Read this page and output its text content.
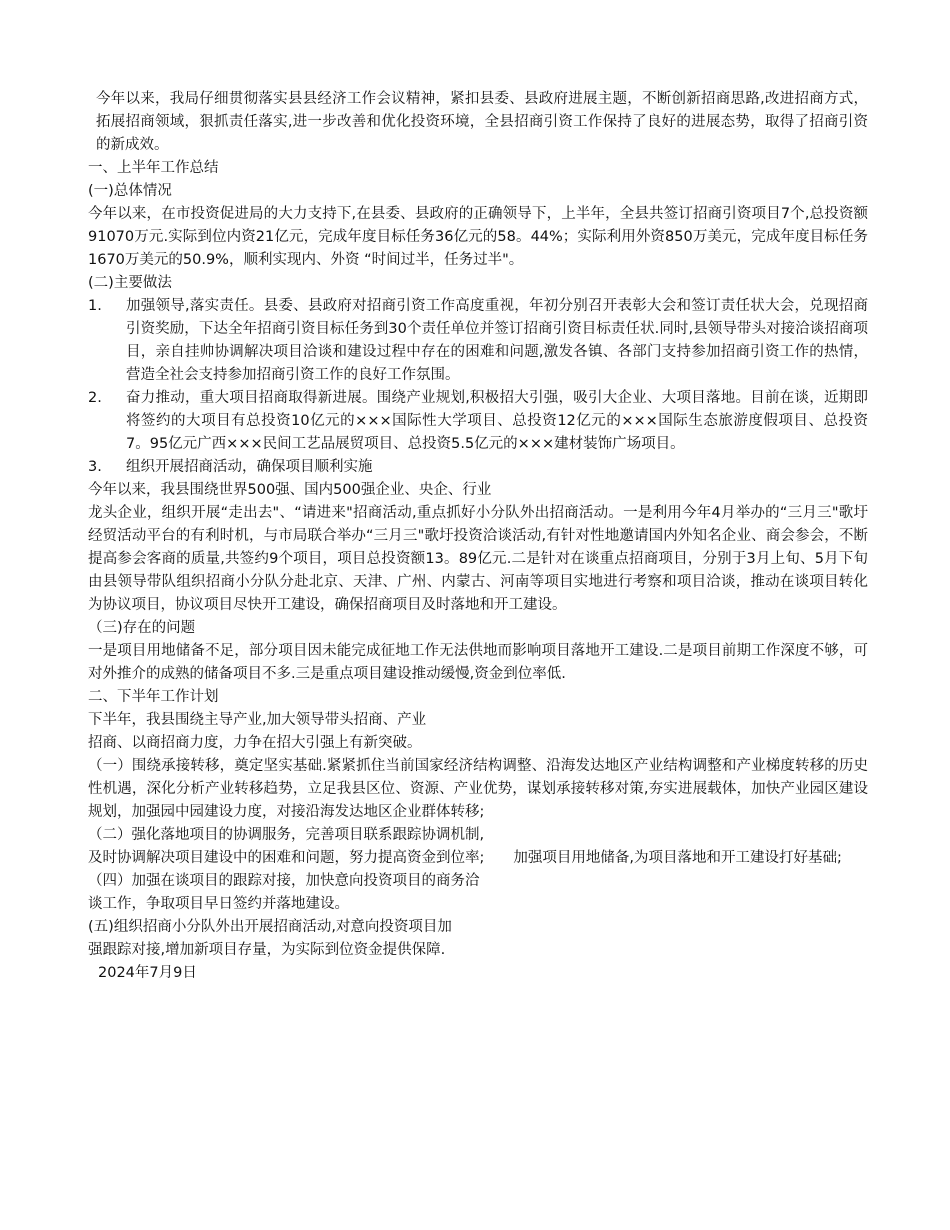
今年以来，我局仔细贯彻落实县县经济工作会议精神，紧扣县委、县政府进展主题，不断创新招商思路,改进招商方式，拓展招商领域，狠抓责任落实,进一步改善和优化投资环境，全县招商引资工作保持了良好的进展态势，取得了招商引资的新成效。

一、上半年工作总结

(一)总体情况

今年以来，在市投资促进局的大力支持下,在县委、县政府的正确领导下，上半年，全县共签订招商引资项目7个,总投资额91070万元.实际到位内资21亿元，完成年度目标任务36亿元的58。44%；实际利用外资850万美元，完成年度目标任务1670万美元的50.9%，顺利实现内、外资 “时间过半，任务过半"。

(二)主要做法

1.	加强领导,落实责任。县委、县政府对招商引资工作高度重视，年初分别召开表彰大会和签订责任状大会，兑现招商引资奖励，下达全年招商引资目标任务到30个责任单位并签订招商引资目标责任状.同时,县领导带头对接洽谈招商项目，亲自挂帅协调解决项目洽谈和建设过程中存在的困难和问题,激发各镇、各部门支持参加招商引资工作的热情，营造全社会支持参加招商引资工作的良好工作氛围。
2.	奋力推动，重大项目招商取得新进展。围绕产业规划,积极招大引强，吸引大企业、大项目落地。目前在谈，近期即将签约的大项目有总投资10亿元的×××国际性大学项目、总投资12亿元的×××国际生态旅游度假项目、总投资7。95亿元广西×××民间工艺品展贸项目、总投资5.5亿元的×××建材装饰广场项目。

3. 组织开展招商活动，确保项目顺利实施

今年以来，我县围绕世界500强、国内500强企业、央企、行业

龙头企业，组织开展“走出去"、“请进来"招商活动,重点抓好小分队外出招商活动。一是利用今年4月举办的“三月三"歌圩经贸活动平台的有利时机，与市局联合举办“三月三"歌圩投资洽谈活动,有针对性地邀请国内外知名企业、商会参会，不断提高参会客商的质量,共签约9个项目，项目总投资额13。89亿元.二是针对在谈重点招商项目，分别于3月上旬、5月下旬由县领导带队组织招商小分队分赴北京、天津、广州、内蒙古、河南等项目实地进行考察和项目洽谈，推动在谈项目转化为协议项目，协议项目尽快开工建设，确保招商项目及时落地和开工建设。

（三)存在的问题

一是项目用地储备不足，部分项目因未能完成征地工作无法供地而影响项目落地开工建设.二是项目前期工作深度不够，可对外推介的成熟的储备项目不多.三是重点项目建设推动缓慢,资金到位率低.

二、下半年工作计划

下半年，我县围绕主导产业,加大领导带头招商、产业

招商、以商招商力度，力争在招大引强上有新突破。

（一）围绕承接转移，奠定坚实基础.紧紧抓住当前国家经济结构调整、沿海发达地区产业结构调整和产业梯度转移的历史性机遇，深化分析产业转移趋势，立足我县区位、资源、产业优势，谋划承接转移对策,夯实进展载体，加快产业园区建设规划，加强园中园建设力度，对接沿海发达地区企业群体转移;

（二）强化落地项目的协调服务，完善项目联系跟踪协调机制,

及时协调解决项目建设中的困难和问题，努力提高资金到位率;　　加强项目用地储备,为项目落地和开工建设打好基础;

（四）加强在谈项目的跟踪对接，加快意向投资项目的商务洽

谈工作，争取项目早日签约并落地建设。

(五)组织招商小分队外出开展招商活动,对意向投资项目加

强跟踪对接,增加新项目存量，为实际到位资金提供保障.

2024年7月9日
